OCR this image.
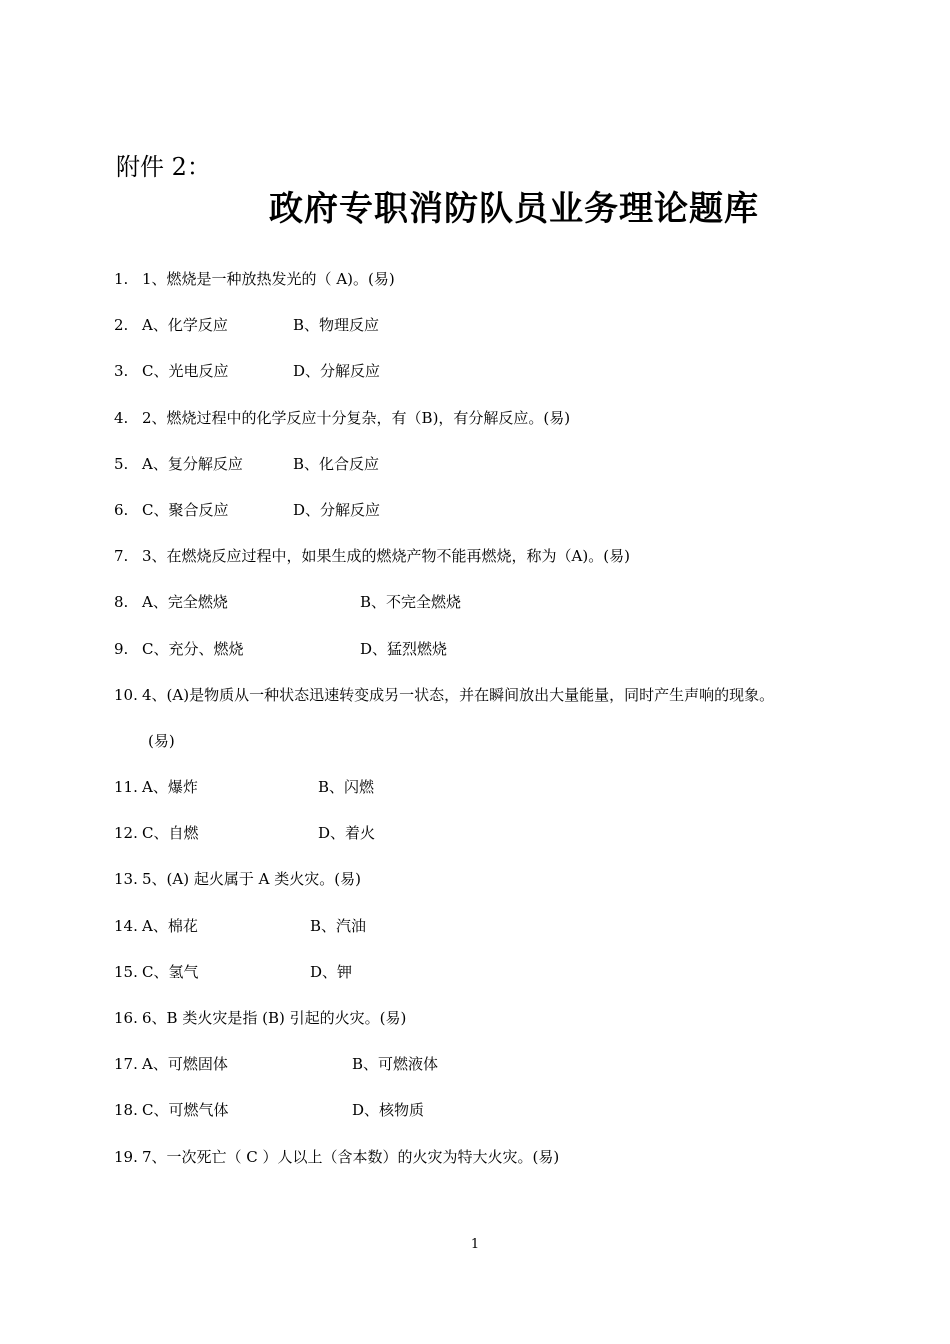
附件 2：
政府专职消防队员业务理论题库
1. 1、燃烧是一种放热发光的（ A)。(易)
2. A、化学反应	B、物理反应
3. C、光电反应	D、分解反应
4. 2、燃烧过程中的化学反应十分复杂，有（B)，有分解反应。(易)
5. A、复分解反应	B、化合反应
6. C、聚合反应	D、分解反应
7. 3、在燃烧反应过程中，如果生成的燃烧产物不能再燃烧，称为（A)。(易)
8. A、完全燃烧	B、不完全燃烧
9. C、充分、燃烧	D、猛烈燃烧
10. 4、(A)是物质从一种状态迅速转变成另一状态，并在瞬间放出大量能量，同时产生声响的现象。
(易)
11. A、爆炸	B、闪燃
12. C、自燃	D、着火
13. 5、(A) 起火属于 A 类火灾。(易)
14. A、棉花	B、汽油
15. C、氢气	D、钾
16. 6、B 类火灾是指 (B) 引起的火灾。(易)
17. A、可燃固体	B、可燃液体
18. C、可燃气体	D、核物质
19. 7、一次死亡（ C ）人以上（含本数）的火灾为特大火灾。(易)
1
